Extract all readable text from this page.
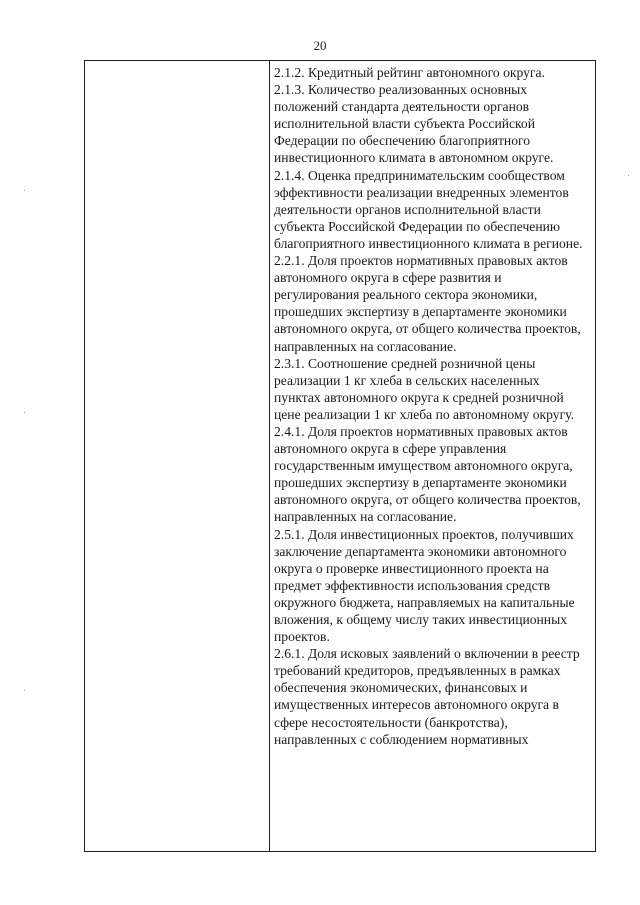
20

2.1.2. Кредитный рейтинг автономного округа.

2.1.3. Количество реализованных основных положений стандарта деятельности органов исполнительной власти субъекта Российской Федерации по обеспечению благоприятного инвестиционного климата в автономном округе.

2.1.4. Оценка предпринимательским сообществом эффективности реализации внедренных элементов деятельности органов исполнительной власти субъекта Российской Федерации по обеспечению благоприятного инвестиционного климата в регионе.

2.2.1. Доля проектов нормативных правовых актов автономного округа в сфере развития и регулирования реального сектора экономики, прошедших экспертизу в департаменте экономики автономного округа, от общего количества проектов, направленных на согласование.

2.3.1. Соотношение средней розничной цены реализации 1 кг хлеба в сельских населенных пунктах автономного округа к средней розничной цене реализации 1 кг хлеба по автономному округу.

2.4.1. Доля проектов нормативных правовых актов автономного округа в сфере управления государственным имуществом автономного округа, прошедших экспертизу в департаменте экономики автономного округа, от общего количества проектов, направленных на согласование.

2.5.1. Доля инвестиционных проектов, получивших заключение департамента экономики автономного округа о проверке инвестиционного проекта на предмет эффективности использования средств окружного бюджета, направляемых на капитальные вложения, к общему числу таких инвестиционных проектов.

2.6.1. Доля исковых заявлений о включении в реестр требований кредиторов, предъявленных в рамках обеспечения экономических, финансовых и имущественных интересов автономного округа в сфере несостоятельности (банкротства), направленных с соблюдением нормативных
